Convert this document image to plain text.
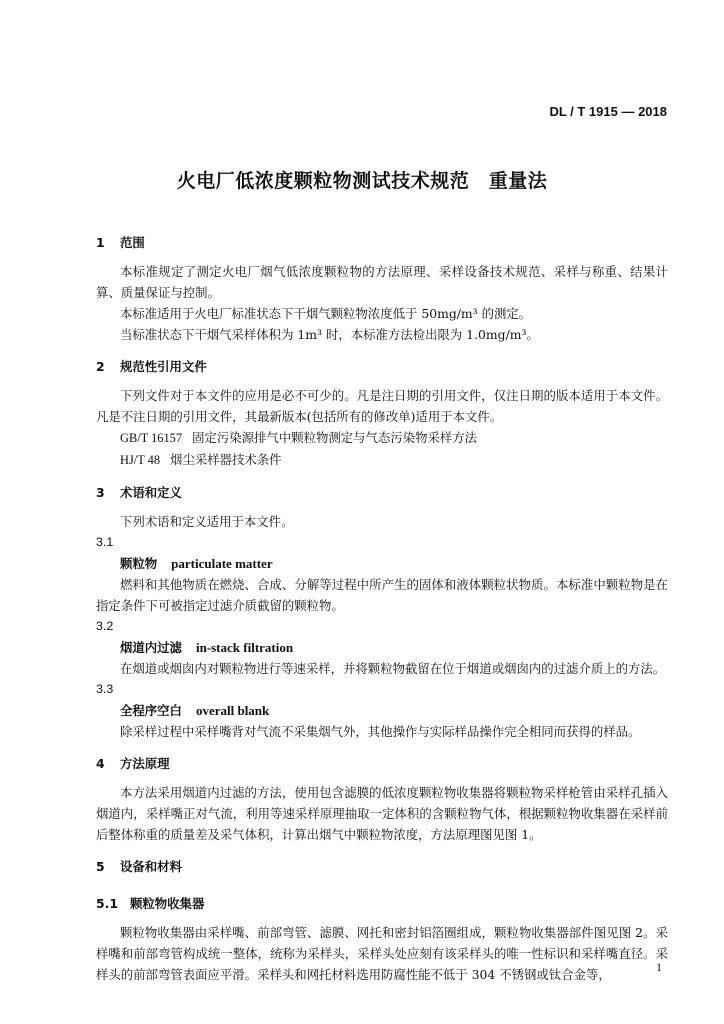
DL / T 1915 — 2018
火电厂低浓度颗粒物测试技术规范　重量法
1 范围

本标准规定了测定火电厂烟气低浓度颗粒物的方法原理、采样设备技术规范、采样与称重、结果计算、质量保证与控制。

本标准适用于火电厂标准状态下干烟气颗粒物浓度低于 50mg/m³ 的测定。

当标准状态下干烟气采样体积为 1m³ 时，本标准方法检出限为 1.0mg/m³。

2 规范性引用文件

下列文件对于本文件的应用是必不可少的。凡是注日期的引用文件，仅注日期的版本适用于本文件。凡是不注日期的引用文件，其最新版本(包括所有的修改单)适用于本文件。

GB/T 16157 固定污染源排气中颗粒物测定与气态污染物采样方法

HJ/T 48 烟尘采样器技术条件

3 术语和定义

下列术语和定义适用于本文件。

3.1
颗粒物 particulate matter

燃料和其他物质在燃烧、合成、分解等过程中所产生的固体和液体颗粒状物质。本标准中颗粒物是在指定条件下可被指定过滤介质截留的颗粒物。

3.2
烟道内过滤 in-stack filtration

在烟道或烟囱内对颗粒物进行等速采样，并将颗粒物截留在位于烟道或烟囱内的过滤介质上的方法。

3.3
全程序空白 overall blank

除采样过程中采样嘴背对气流不采集烟气外，其他操作与实际样品操作完全相同而获得的样品。

4 方法原理

本方法采用烟道内过滤的方法，使用包含滤膜的低浓度颗粒物收集器将颗粒物采样枪管由采样孔插入烟道内，采样嘴正对气流，利用等速采样原理抽取一定体积的含颗粒物气体，根据颗粒物收集器在采样前后整体称重的质量差及采气体积，计算出烟气中颗粒物浓度，方法原理图见图 1。

5 设备和材料
5.1 颗粒物收集器

颗粒物收集器由采样嘴、前部弯管、滤膜、网托和密封铝箔圈组成，颗粒物收集器部件图见图 2。采样嘴和前部弯管构成统一整体，统称为采样头，采样头处应刻有该采样头的唯一性标识和采样嘴直径。采样头的前部弯管表面应平滑。采样头和网托材料选用防腐性能不低于 304 不锈钢或钛合金等，	1
